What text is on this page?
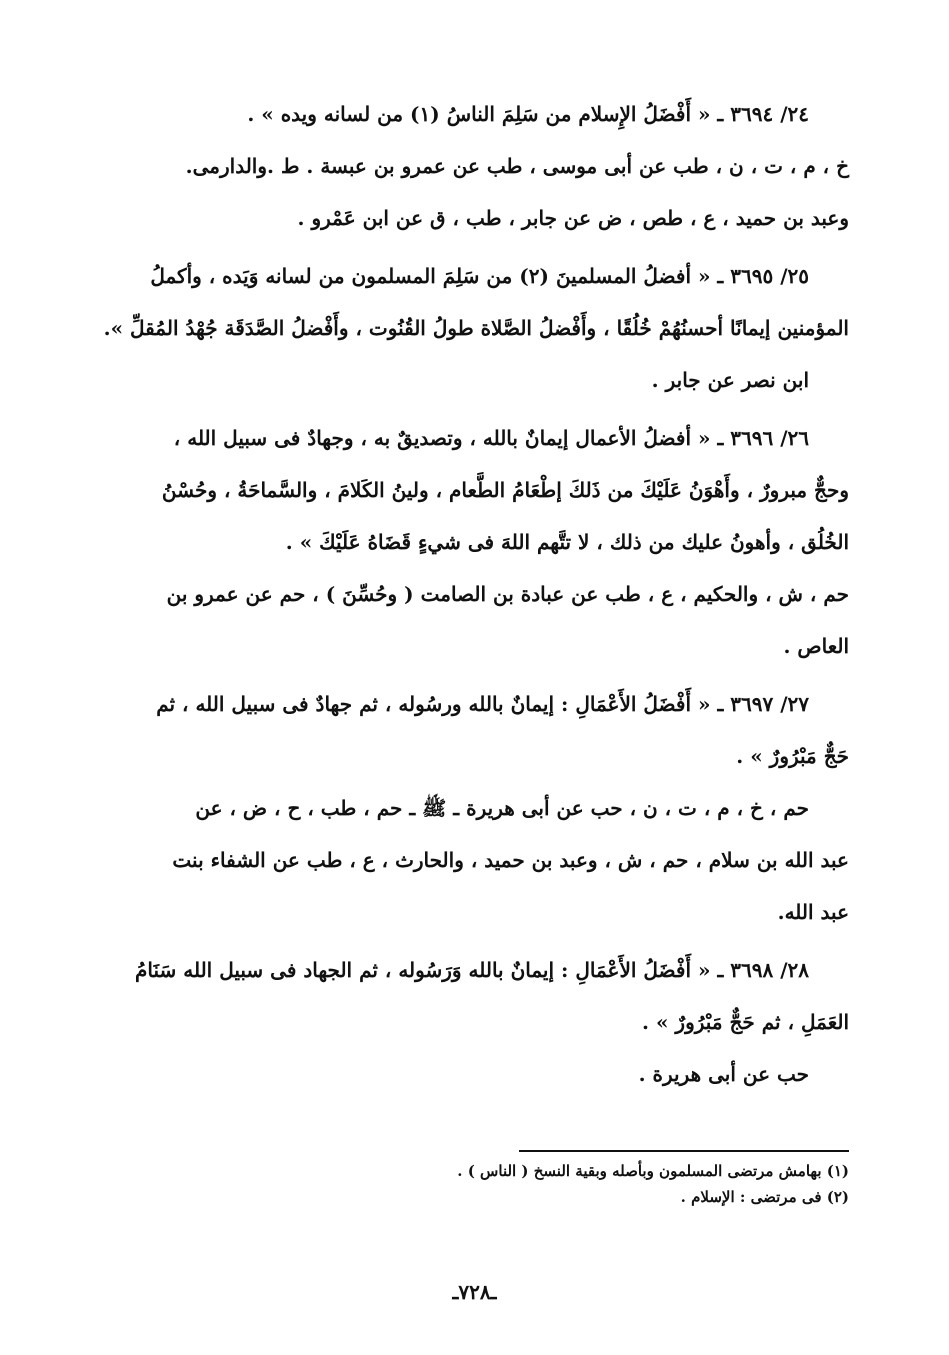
٢٤/ ٣٦٩٤ ـ « أَفْضَلُ الإِسلام من سَلِمَ الناسُ (١) من لسانه ويده » .
خ ، م ، ت ، ن ، طب عن أبى موسى ، طب عن عمرو بن عبسة . ط .والدارمى.
وعبد بن حميد ، ع ، طص ، ض عن جابر ، طب ، ق عن ابن عَمْرو .
٢٥/ ٣٦٩٥ ـ « أفضلُ المسلمينَ (٢) من سَلِمَ المسلمون من لسانه وَيَده ، وأكملُ
المؤمنين إيمانًا أحسنُهُمْ خُلُقًا ، وأَفْضلُ الصَّلاة طولُ القُنُوت ، وأَفْضلُ الصَّدَقَة جُهْدُ المُقلِّ ».
ابن نصر عن جابر .
٢٦/ ٣٦٩٦ ـ « أفضلُ الأعمال إيمانٌ بالله ، وتصديقٌ به ، وجهادٌ فى سبيل الله ،
وحجٌّ مبرورٌ ، وأَهْوَنُ عَلَيْكَ من ذَلكَ إطْعَامُ الطَّعام ، ولينُ الكَلامَ ، والسَّماحَةُ ، وحُسْنُ
الخُلُق ، وأهونُ عليك من ذلك ، لا تتَّهم اللهَ فى شيءٍ قَضَاهُ عَلَيْكَ » .
حم ، ش ، والحكيم ، ع ، طب عن عبادة بن الصامت ( وحُسِّنَ ) ، حم عن عمرو بن
العاص .
٢٧/ ٣٦٩٧ ـ « أَفْضَلُ الأَعْمَالِ : إيمانٌ بالله ورسُوله ، ثم جهادٌ فى سبيل الله ، ثم
حَجٌّ مَبْرُورٌ » .
حم ، خ ، م ، ت ، ن ، حب عن أبى هريرة ـ ﷺ ـ حم ، طب ، ح ، ض ، عن
عبد الله بن سلام ، حم ، ش ، وعبد بن حميد ، والحارث ، ع ، طب عن الشفاء بنت
عبد الله.
٢٨/ ٣٦٩٨ ـ « أَفْضَلُ الأَعْمَالِ : إيمانٌ بالله وَرَسُوله ، ثم الجهاد فى سبيل الله سَنَامُ
العَمَلِ ، ثم حَجٌّ مَبْرُورٌ » .
حب عن أبى هريرة .
(١) بهامش مرتضى المسلمون وبأصله وبقية النسخ ( الناس ) .
(٢) فى مرتضى : الإسلام .
ـ٧٢٨ـ
